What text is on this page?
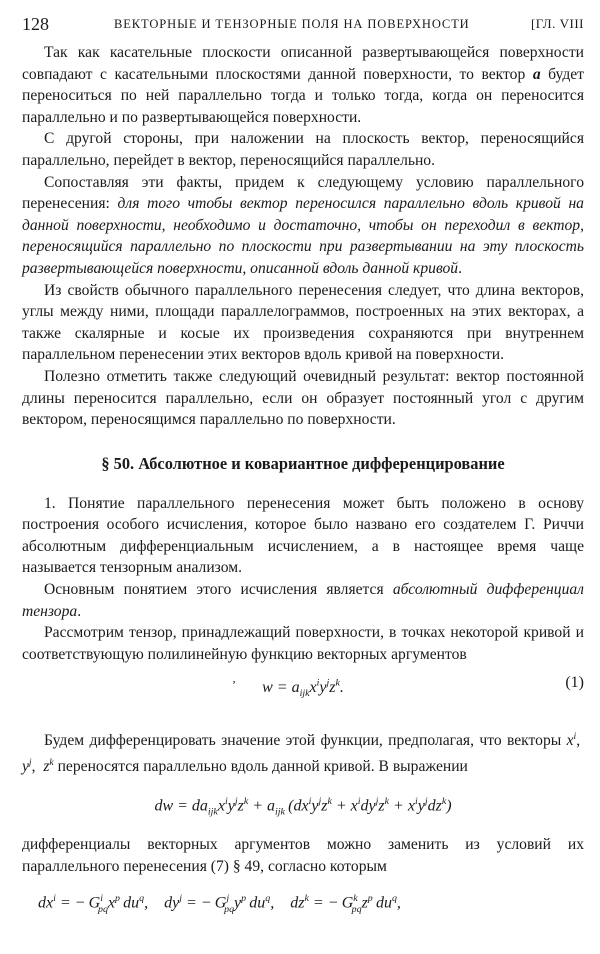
128	ВЕКТОРНЫЕ И ТЕНЗОРНЫЕ ПОЛЯ НА ПОВЕРХНОСТИ	[ГЛ. VIII

Так как касательные плоскости описанной развертывающейся поверхности совпадают с касательными плоскостями данной поверхности, то вектор a будет переноситься по ней параллельно тогда и только тогда, когда он переносится параллельно и по развертывающейся поверхности.

С другой стороны, при наложении на плоскость вектор, переносящийся параллельно, перейдет в вектор, переносящийся параллельно.

Сопоставляя эти факты, придем к следующему условию параллельного перенесения: для того чтобы вектор переносился параллельно вдоль кривой на данной поверхности, необходимо и достаточно, чтобы он переходил в вектор, переносящийся параллельно по плоскости при развертывании на эту плоскость развертывающейся поверхности, описанной вдоль данной кривой.

Из свойств обычного параллельного перенесения следует, что длина векторов, углы между ними, площади параллелограммов, построенных на этих векторах, а также скалярные и косые их произведения сохраняются при внутреннем параллельном перенесении этих векторов вдоль кривой на поверхности.

Полезно отметить также следующий очевидный результат: вектор постоянной длины переносится параллельно, если он образует постоянный угол с другим вектором, переносящимся параллельно по поверхности.

§ 50. Абсолютное и ковариантное дифференцирование

1. Понятие параллельного перенесения может быть положено в основу построения особого исчисления, которое было названо его создателем Г. Риччи абсолютным дифференциальным исчислением, а в настоящее время чаще называется тензорным анализом.

Основным понятием этого исчисления является абсолютный дифференциал тензора.

Рассмотрим тензор, принадлежащий поверхности, в точках некоторой кривой и соответствующую полилинейную функцию векторных аргументов

ʼ $w = a_{ijk}x^iy^jz^k$.	(1)

Будем дифференцировать значение этой функции, предполагая, что векторы $x^i$,  $y^j$,  $z^k$ переносятся параллельно вдоль данной кривой. В выражении

dw = $da_{ijk}x^iy^jz^k + a_{ijk}$ $(dx^iy^jz^k + x^idy^jz^k + x^iy^jdz^k)$

дифференциалы векторных аргументов можно заменить из условий их параллельного перенесения (7) § 49, согласно которым

$dx^i$ = − $G^i_{pq}x^p$ $du^q$,    $dy^j$ = − $G^j_{pq}y^p$ $du^q$,    $dz^k$ = − $G^k_{pq}z^p$ $du^q$,
